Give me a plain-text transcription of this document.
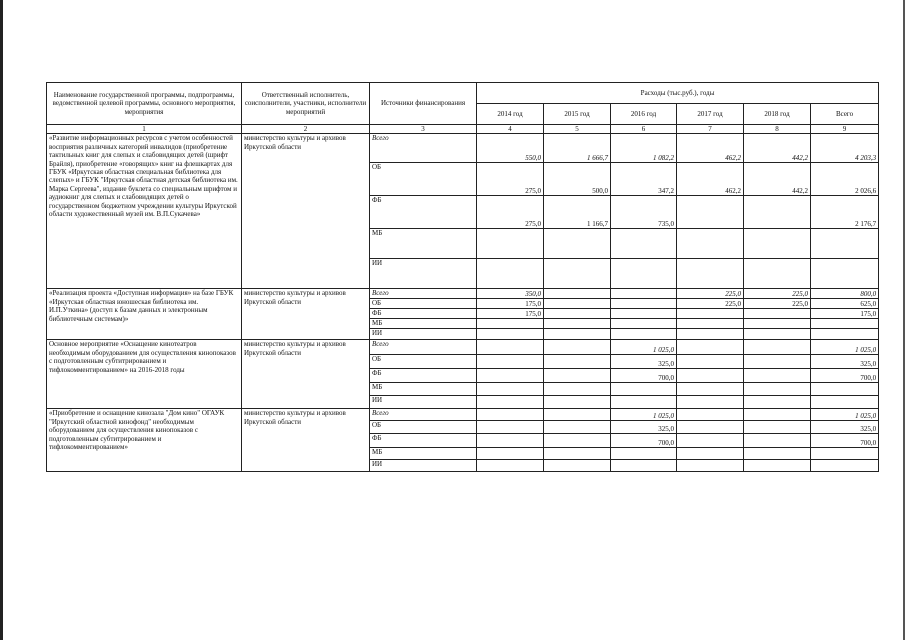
Наименование государственной программы, подпрограммы, ведомственной целевой программы, основного мероприятия, мероприятия	Ответственный исполнитель, соисполнители, участники, исполнители мероприятий	Источники финансирования	Расходы (тыс.руб.), годы					
			2014 год	2015 год	2016 год	2017 год	2018 год	Всего
1	2	3	4	5	6	7	8	9
«Развитие информационных ресурсов с учетом особенностей восприятия различных категорий инвалидов (приобретение тактильных книг для слепых и слабовидящих детей (шрифт Брайля), приобретение «говорящих» книг на флешкартах для ГБУК «Иркутская областная специальная библиотека для слепых» и ГБУК "Иркутская областная детская библиотека им. Марка Сергеева", издание буклета со специальным шрифтом и аудиокниг для слепых и слабовидящих детей о государственном бюджетном учреждении культуры Иркутской области художественный музей им. В.П.Сукачева»	министерство культуры и архивов Иркутской области	Всего	550,0	1 666,7	1 082,2	462,2	442,2	4 203,3
		ОБ	275,0	500,0	347,2	462,2	442,2	2 026,6
		ФБ	275,0	1 166,7	735,0			2 176,7
		МБ						
		ИИ						
«Реализация проекта «Доступная информация» на базе ГБУК «Иркутская областная юношеская библиотека им. И.П.Уткина» (доступ к базам данных и электронным библиотечным системам)»	министерство культуры и архивов Иркутской области	Всего	350,0			225,0	225,0	800,0
		ОБ	175,0			225,0	225,0	625,0
		ФБ	175,0					175,0
		МБ						
		ИИ						
Основное мероприятие «Оснащение кинотеатров необходимым оборудованием для осуществления кинопоказов с подготовленным субтитрированием и тифлокомментированием» на 2016-2018 годы	министерство культуры и архивов Иркутской области	Всего			1 025,0			1 025,0
		ОБ			325,0			325,0
		ФБ			700,0			700,0
		МБ						
		ИИ						
«Приобретение и оснащение кинозала "Дом кино" ОГАУК "Иркутский областной кинофонд" необходимым оборудованием для осуществления кинопоказов с подготовленным субтитрированием и тифлокомментированием»	министерство культуры и архивов Иркутской области	Всего			1 025,0			1 025,0
		ОБ			325,0			325,0
		ФБ			700,0			700,0
		МБ						
		ИИ						
